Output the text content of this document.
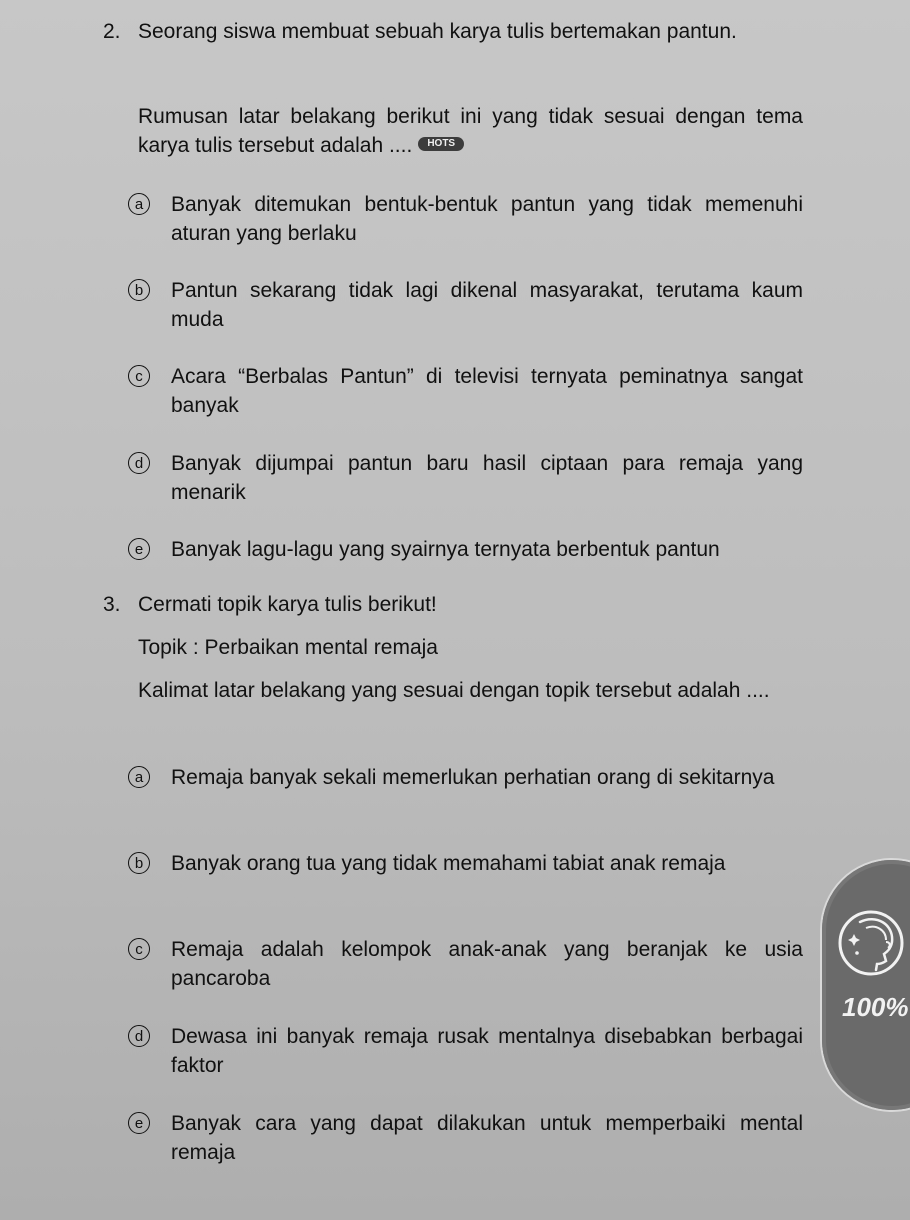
2. Seorang siswa membuat sebuah karya tulis bertemakan pantun.
Rumusan latar belakang berikut ini yang tidak sesuai dengan tema karya tulis tersebut adalah .... HOTS
a	Banyak ditemukan bentuk-bentuk pantun yang tidak memenuhi aturan yang berlaku
b	Pantun sekarang tidak lagi dikenal masyarakat, terutama kaum muda
c	Acara “Berbalas Pantun” di televisi ternyata peminatnya sangat banyak
d	Banyak dijumpai pantun baru hasil ciptaan para remaja yang menarik
e	Banyak lagu-lagu yang syairnya ternyata berbentuk pantun
3. Cermati topik karya tulis berikut!
Topik : Perbaikan mental remaja
Kalimat latar belakang yang sesuai dengan topik tersebut adalah ....
a	Remaja banyak sekali memerlukan perhatian orang di sekitarnya
b	Banyak orang tua yang tidak memahami tabiat anak remaja
c	Remaja adalah kelompok anak-anak yang beranjak ke usia pancaroba
d	Dewasa ini banyak remaja rusak mentalnya disebabkan berbagai faktor
e	Banyak cara yang dapat dilakukan untuk memperbaiki mental remaja
100%
